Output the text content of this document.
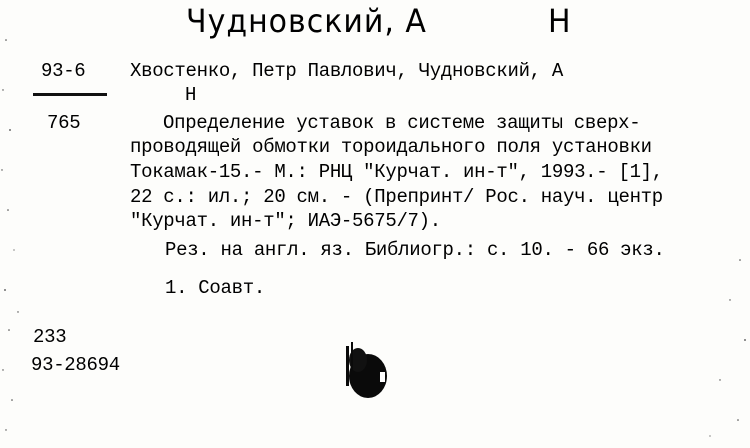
Чудновский, А	Н
93-6
765
233
93-28694
Хвостенко, Петр Павлович, Чудновский, А
Н
Определение уставок в системе защиты сверх-
проводящей обмотки тороидального поля установки
Токамак-15.- М.: РНЦ "Курчат. ин-т", 1993.- [1],
22 с.: ил.; 20 см. - (Препринт/ Рос. науч. центр
"Курчат. ин-т"; ИАЭ-5675/7).
Рез. на англ. яз. Библиогр.: с. 10. - 66 экз.
1. Соавт.
